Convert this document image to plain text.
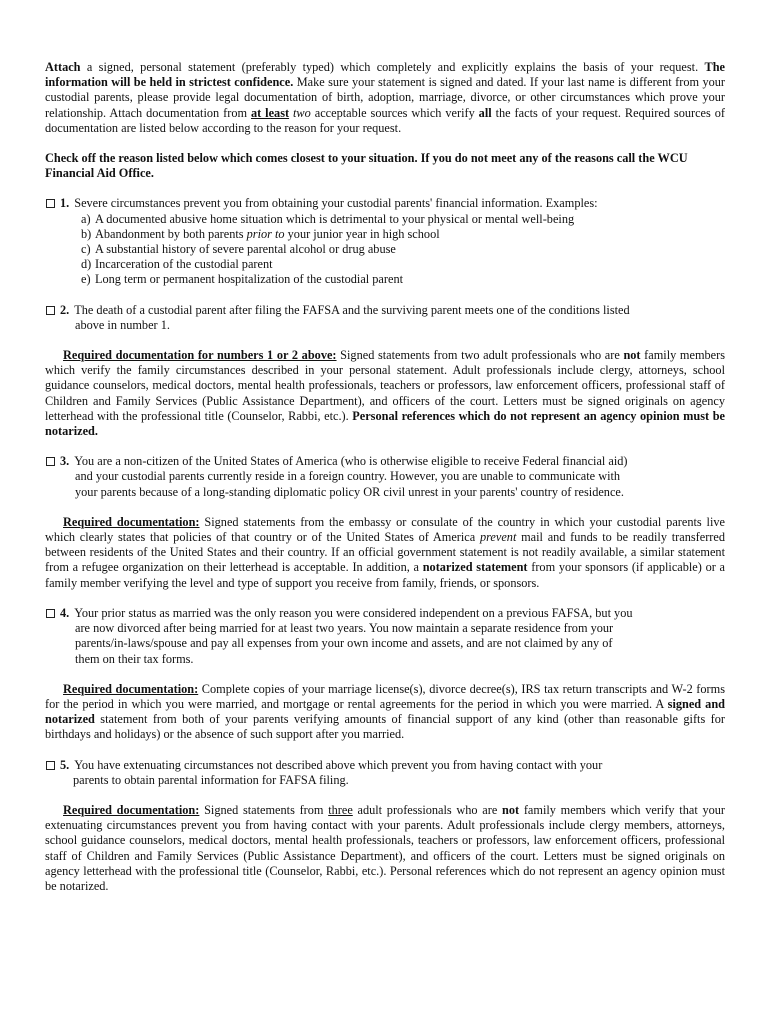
Attach a signed, personal statement (preferably typed) which completely and explicitly explains the basis of your request. The information will be held in strictest confidence. Make sure your statement is signed and dated. If your last name is different from your custodial parents, please provide legal documentation of birth, adoption, marriage, divorce, or other circumstances which prove your relationship. Attach documentation from at least two acceptable sources which verify all the facts of your request. Required sources of documentation are listed below according to the reason for your request.

Check off the reason listed below which comes closest to your situation. If you do not meet any of the reasons call the WCU Financial Aid Office.

1. Severe circumstances prevent you from obtaining your custodial parents' financial information. Examples:
a) A documented abusive home situation which is detrimental to your physical or mental well-being
b) Abandonment by both parents prior to your junior year in high school
c) A substantial history of severe parental alcohol or drug abuse
d) Incarceration of the custodial parent
e) Long term or permanent hospitalization of the custodial parent
2. The death of a custodial parent after filing the FAFSA and the surviving parent meets one of the conditions listed
above in number 1.

Required documentation for numbers 1 or 2 above: Signed statements from two adult professionals who are not family members which verify the family circumstances described in your personal statement. Adult professionals include clergy, attorneys, school guidance counselors, medical doctors, mental health professionals, teachers or professors, law enforcement officers, professional staff of Children and Family Services (Public Assistance Department), and officers of the court. Letters must be signed originals on agency letterhead with the professional title (Counselor, Rabbi, etc.). Personal references which do not represent an agency opinion must be notarized.

3. You are a non-citizen of the United States of America (who is otherwise eligible to receive Federal financial aid)
and your custodial parents currently reside in a foreign country. However, you are unable to communicate with
your parents because of a long-standing diplomatic policy OR civil unrest in your parents' country of residence.

Required documentation: Signed statements from the embassy or consulate of the country in which your custodial parents live which clearly states that policies of that country or of the United States of America prevent mail and funds to be readily transferred between residents of the United States and their country. If an official government statement is not readily available, a similar statement from a refugee organization on their letterhead is acceptable. In addition, a notarized statement from your sponsors (if applicable) or a family member verifying the level and type of support you receive from family, friends, or sponsors.

4. Your prior status as married was the only reason you were considered independent on a previous FAFSA, but you
are now divorced after being married for at least two years. You now maintain a separate residence from your
parents/in-laws/spouse and pay all expenses from your own income and assets, and are not claimed by any of
them on their tax forms.

Required documentation: Complete copies of your marriage license(s), divorce decree(s), IRS tax return transcripts and W-2 forms for the period in which you were married, and mortgage or rental agreements for the period in which you were married. A signed and notarized statement from both of your parents verifying amounts of financial support of any kind (other than reasonable gifts for birthdays and holidays) or the absence of such support after you married.

5. You have extenuating circumstances not described above which prevent you from having contact with your
parents to obtain parental information for FAFSA filing.

Required documentation: Signed statements from three adult professionals who are not family members which verify that your extenuating circumstances prevent you from having contact with your parents. Adult professionals include clergy members, attorneys, school guidance counselors, medical doctors, mental health professionals, teachers or professors, law enforcement officers, professional staff of Children and Family Services (Public Assistance Department), and officers of the court. Letters must be signed originals on agency letterhead with the professional title (Counselor, Rabbi, etc.). Personal references which do not represent an agency opinion must be notarized.
